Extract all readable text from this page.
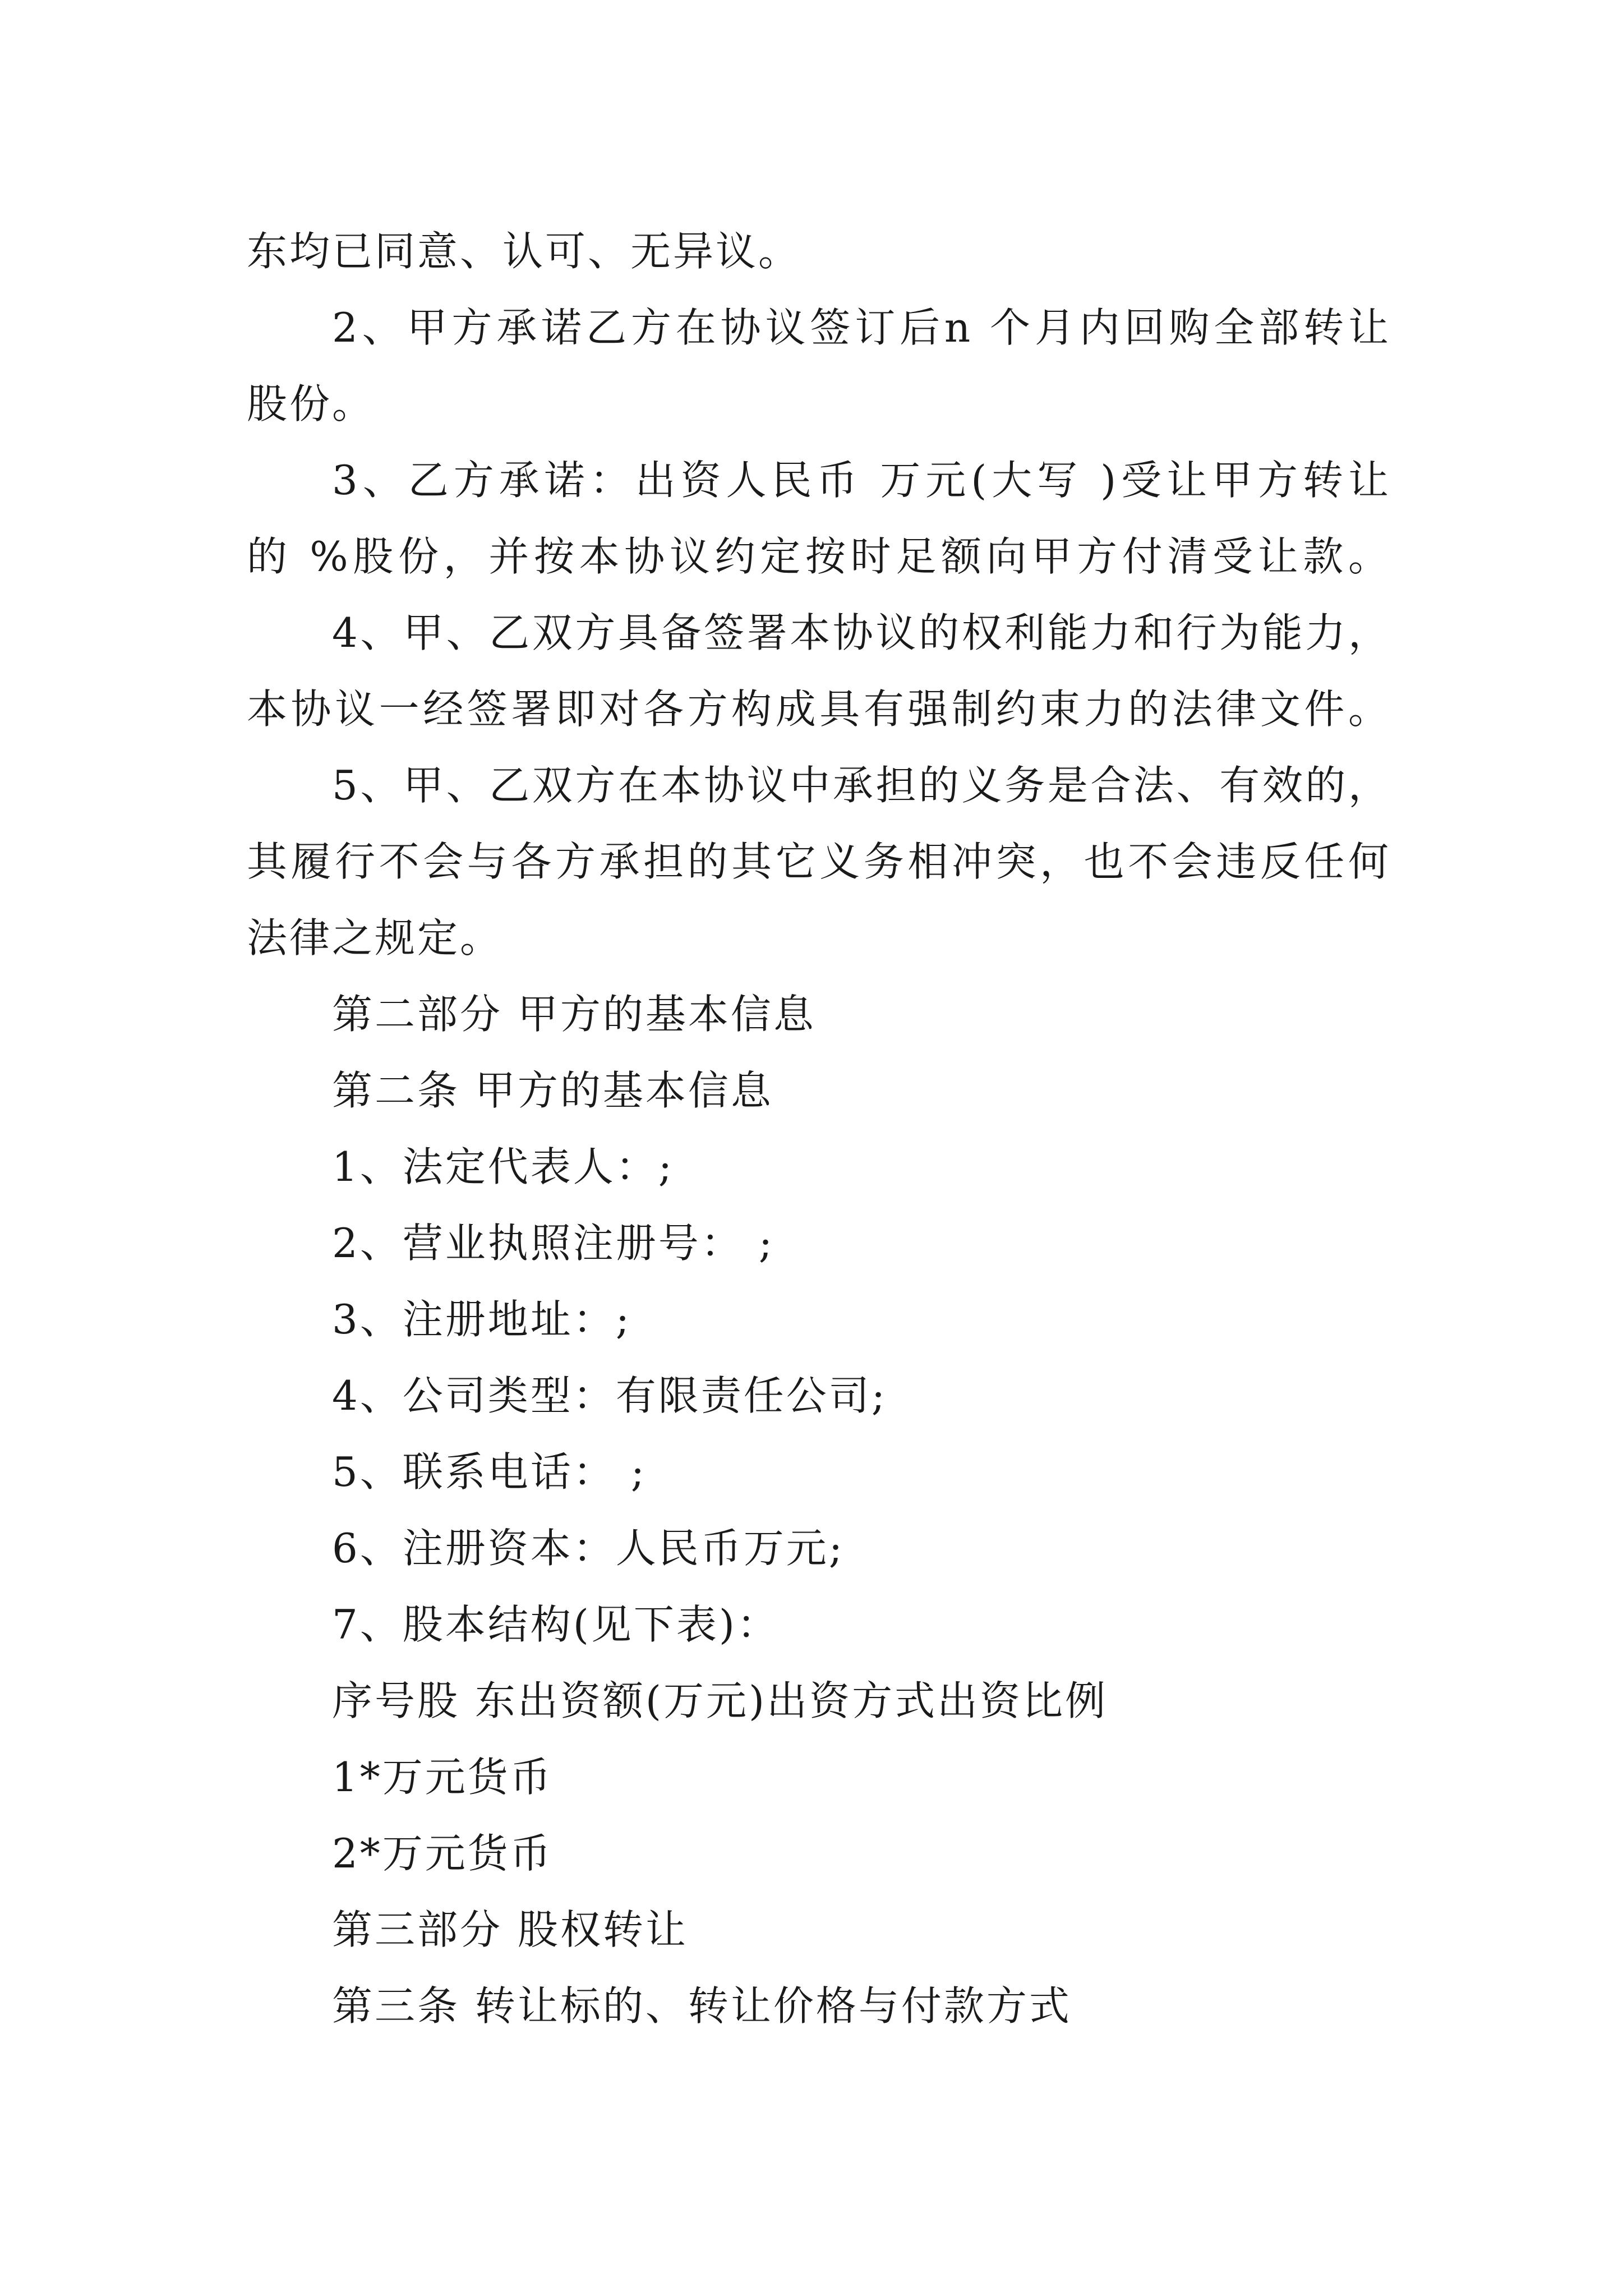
东均已同意、认可、无异议。
2、甲方承诺乙方在协议签订后n 个月内回购全部转让
股份。
3、乙方承诺：出资人民币 万元(大写 )受让甲方转让
的 %股份，并按本协议约定按时足额向甲方付清受让款。
4、甲、乙双方具备签署本协议的权利能力和行为能力，
本协议一经签署即对各方构成具有强制约束力的法律文件。
5、甲、乙双方在本协议中承担的义务是合法、有效的，
其履行不会与各方承担的其它义务相冲突，也不会违反任何
法律之规定。
第二部分 甲方的基本信息
第二条 甲方的基本信息
1、法定代表人：;
2、营业执照注册号： ;
3、注册地址：;
4、公司类型：有限责任公司;
5、联系电话： ;
6、注册资本：人民币万元;
7、股本结构(见下表)：
序号股 东出资额(万元)出资方式出资比例
1*万元货币
2*万元货币
第三部分 股权转让
第三条 转让标的、转让价格与付款方式
